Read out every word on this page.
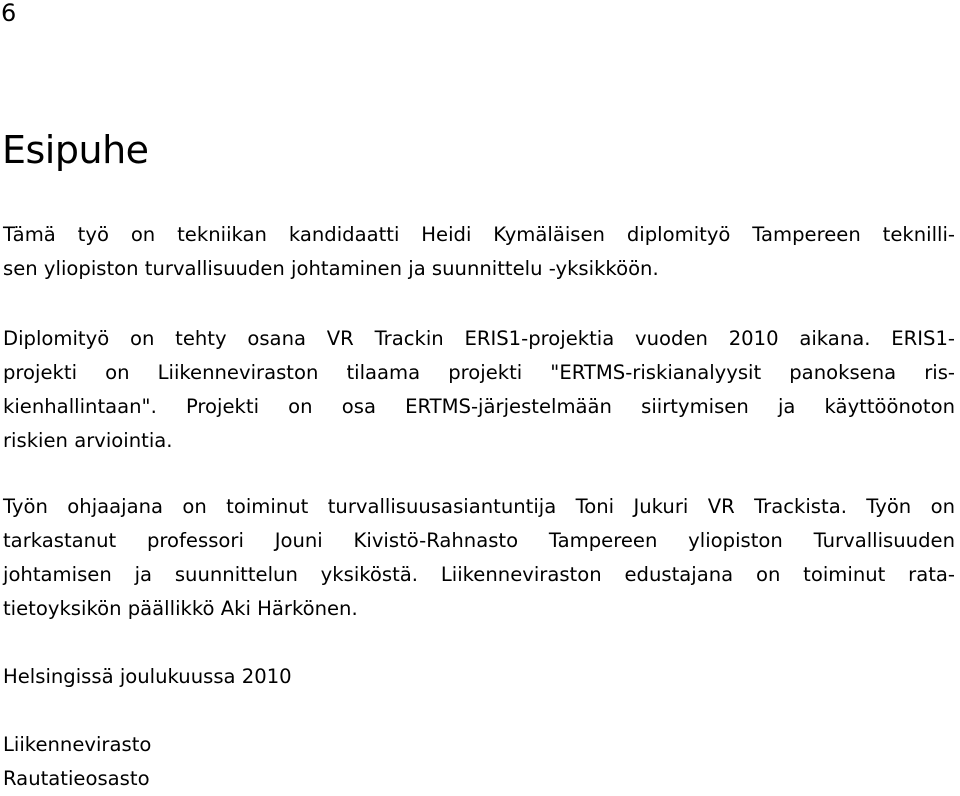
6
Esipuhe

Tämä työ on tekniikan kandidaatti Heidi Kymäläisen diplomityö Tampereen teknilli-
sen yliopiston turvallisuuden johtaminen ja suunnittelu -yksikköön.

Diplomityö on tehty osana VR Trackin ERIS1-projektia vuoden 2010 aikana. ERIS1-
projekti on Liikenneviraston tilaama projekti "ERTMS-riskianalyysit panoksena ris-
kienhallintaan". Projekti on osa ERTMS-järjestelmään siirtymisen ja käyttöönoton
riskien arviointia.

Työn ohjaajana on toiminut turvallisuusasiantuntija Toni Jukuri VR Trackista. Työn on
tarkastanut professori Jouni Kivistö-Rahnasto Tampereen yliopiston Turvallisuuden
johtamisen ja suunnittelun yksiköstä. Liikenneviraston edustajana on toiminut rata-
tietoyksikön päällikkö Aki Härkönen.

Helsingissä joulukuussa 2010
Liikennevirasto
Rautatieosasto
